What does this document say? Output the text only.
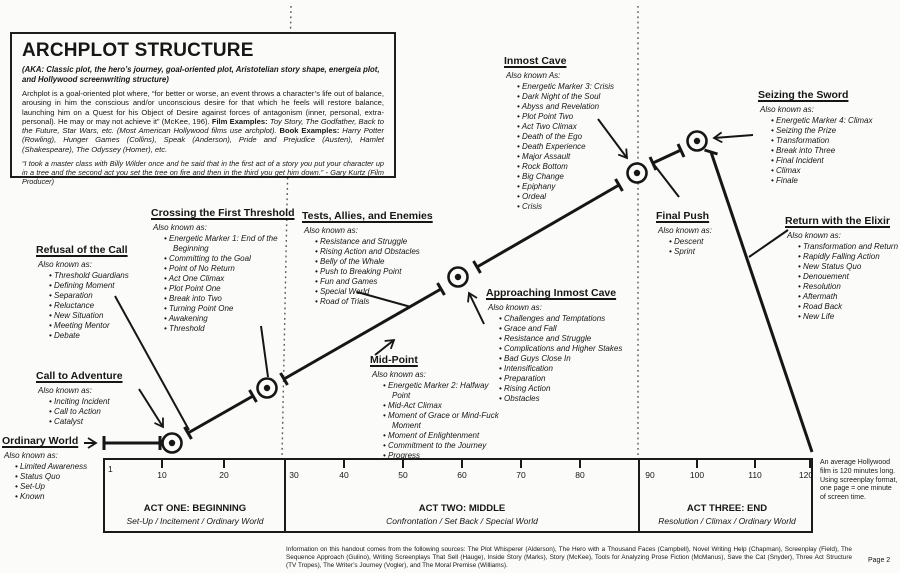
ARCHPLOT STRUCTURE
(AKA: Classic plot, the hero’s journey, goal-oriented plot, Aristotelian story shape, energeia plot, and Hollywood screenwriting structure)
Archplot is a goal-oriented plot where, “for better or worse, an event throws a character’s life out of balance, arousing in him the conscious and/or unconscious desire for that which he feels will restore balance, launching him on a Quest for his Object of Desire against forces of antagonism (inner, personal, extra-personal). He may or may not achieve it” (McKee, 196). Film Examples: Toy Story, The Godfather, Back to the Future, Star Wars, etc. (Most American Hollywood films use archplot). Book Examples: Harry Potter (Rowling), Hunger Games (Collins), Speak (Anderson), Pride and Prejudice (Austen), Hamlet (Shakespeare), The Odyssey (Homer), etc.
“I took a master class with Billy Wilder once and he said that in the first act of a story you put your character up in a tree and the second act you set the tree on fire and then in the third you get him down.” - Gary Kurtz (Film Producer)
Ordinary World
Also known as:
• Limited Awareness
• Status Quo
• Set-Up
• Known
Call to Adventure
Also known as:
• Inciting Incident
• Call to Action
• Catalyst
Refusal of the Call
Also known as:
• Threshold Guardians
• Defining Moment
• Separation
• Reluctance
• New Situation
• Meeting Mentor
• Debate
Crossing the First Threshold
Also known as:
• Energetic Marker 1: End of the Beginning
• Committing to the Goal
• Point of No Return
• Act One Climax
• Plot Point One
• Break into Two
• Turning Point One
• Awakening
• Threshold
Tests, Allies, and Enemies
Also known as:
• Resistance and Struggle
• Rising Action and Obstacles
• Belly of the Whale
• Push to Breaking Point
• Fun and Games
• Special World
• Road of Trials
Mid-Point
Also known as:
• Energetic Marker 2: Halfway Point
• Mid-Act Climax
• Moment of Grace or Mind-Fuck Moment
• Moment of Enlightenment
• Commitment to the Journey
• Progress
Approaching Inmost Cave
Also known as:
• Challenges and Temptations
• Grace and Fall
• Resistance and Struggle
• Complications and Higher Stakes
• Bad Guys Close In
• Intensification
• Preparation
• Rising Action
• Obstacles
Inmost Cave
Also known As:
• Energetic Marker 3: Crisis
• Dark Night of the Soul
• Abyss and Revelation
• Plot Point Two
• Act Two Climax
• Death of the Ego
• Death Experience
• Major Assault
• Rock Bottom
• Big Change
• Epiphany
• Ordeal
• Crisis
Final Push
Also known as:
• Descent
• Sprint
Seizing the Sword
Also known as:
• Energetic Marker 4: Climax
• Seizing the Prize
• Transformation
• Break into Three
• Final Incident
• Climax
• Finale
Return with the Elixir
Also known as:
• Transformation and Return
• Rapidly Falling Action
• New Status Quo
• Denouement
• Resolution
• Aftermath
• Road Back
• New Life
1
10	20	30	40	50	60	70	80	90	100	110	120
ACT ONE: BEGINNING
Set-Up / Incitement / Ordinary World
ACT TWO: MIDDLE
Confrontation / Set Back / Special World
ACT THREE: END
Resolution / Climax / Ordinary World
An average Hollywood film is 120 minutes long. Using screenplay format, one page = one minute of screen time.
Information on this handout comes from the following sources: The Plot Whisperer (Alderson), The Hero with a Thousand Faces (Campbell), Novel Writing Help (Chapman), Screenplay (Field), The Sequence Approach (Gulino), Writing Screenplays That Sell (Hauge), Inside Story (Marks), Story (McKee), Tools for Analyzing Prose Fiction (McManus), Save the Cat (Snyder), Three Act Structure (TV Tropes), The Writer’s Journey (Vogler), and The Moral Premise (Williams).
Page 2
